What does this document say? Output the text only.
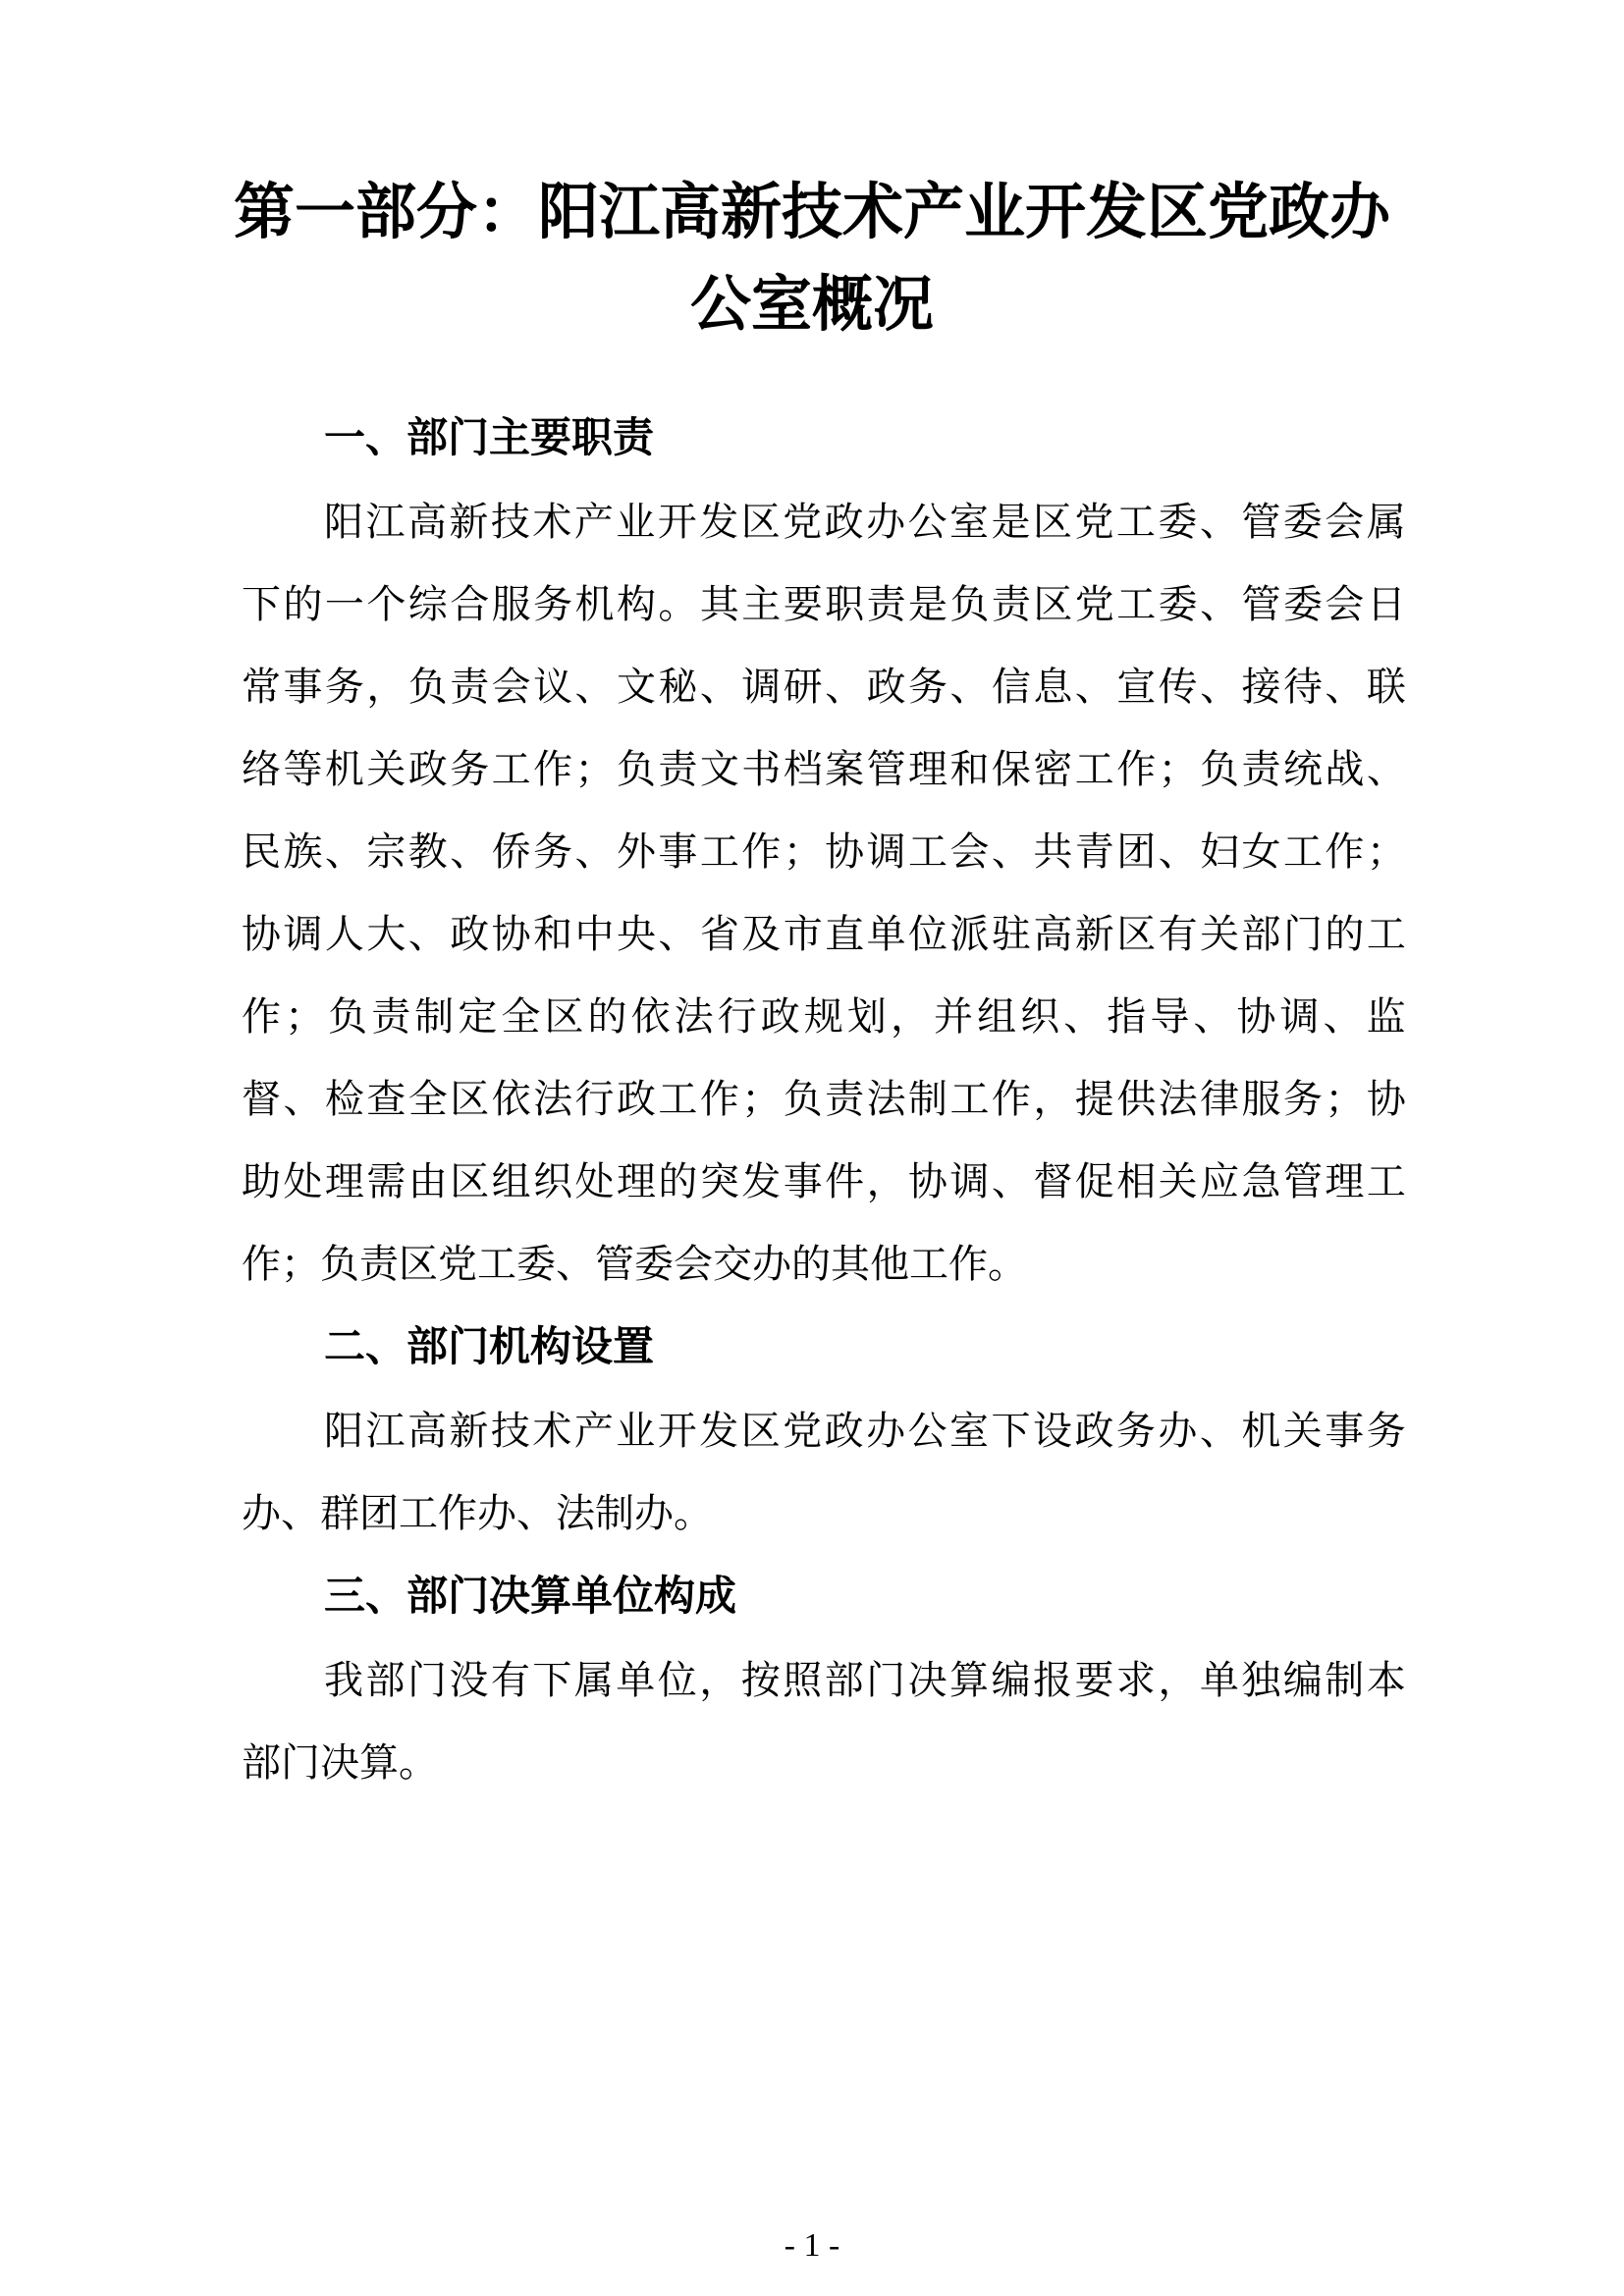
第一部分：阳江高新技术产业开发区党政办
公室概况
一、部门主要职责

阳 江 高 新 技 术 产 业 开 发 区 党 政 办 公 室 是 区 党 工 委 、 管 委 会 属

下 的 一 个 综 合 服 务 机 构 。 其 主 要 职 责 是 负 责 区 党 工 委 、 管 委 会 日

常 事 务 ， 负 责 会 议 、 文 秘 、 调 研 、 政 务 、 信 息 、 宣 传 、 接 待 、 联

络 等 机 关 政 务 工 作 ； 负 责 文 书 档 案 管 理 和 保 密 工 作 ； 负 责 统 战 、

民 族 、 宗 教 、 侨 务 、 外 事 工 作 ； 协 调 工 会 、 共 青 团 、 妇 女 工 作 ；

协 调 人 大 、 政 协 和 中 央 、 省 及 市 直 单 位 派 驻 高 新 区 有 关 部 门 的 工

作 ； 负 责 制 定 全 区 的 依 法 行 政 规 划 ， 并 组 织 、 指 导 、 协 调 、 监

督 、 检 查 全 区 依 法 行 政 工 作 ； 负 责 法 制 工 作 ， 提 供 法 律 服 务 ； 协

助 处 理 需 由 区 组 织 处 理 的 突 发 事 件 ， 协 调 、 督 促 相 关 应 急 管 理 工

作；负责区党工委、管委会交办的其他工作。

二、部门机构设置

阳 江 高 新 技 术 产 业 开 发 区 党 政 办 公 室 下 设 政 务 办 、 机 关 事 务

办、群团工作办、法制办。

三、部门决算单位构成

我 部 门 没 有 下 属 单 位 ， 按 照 部 门 决 算 编 报 要 求 ， 单 独 编 制 本

部门决算。

- 1 -
